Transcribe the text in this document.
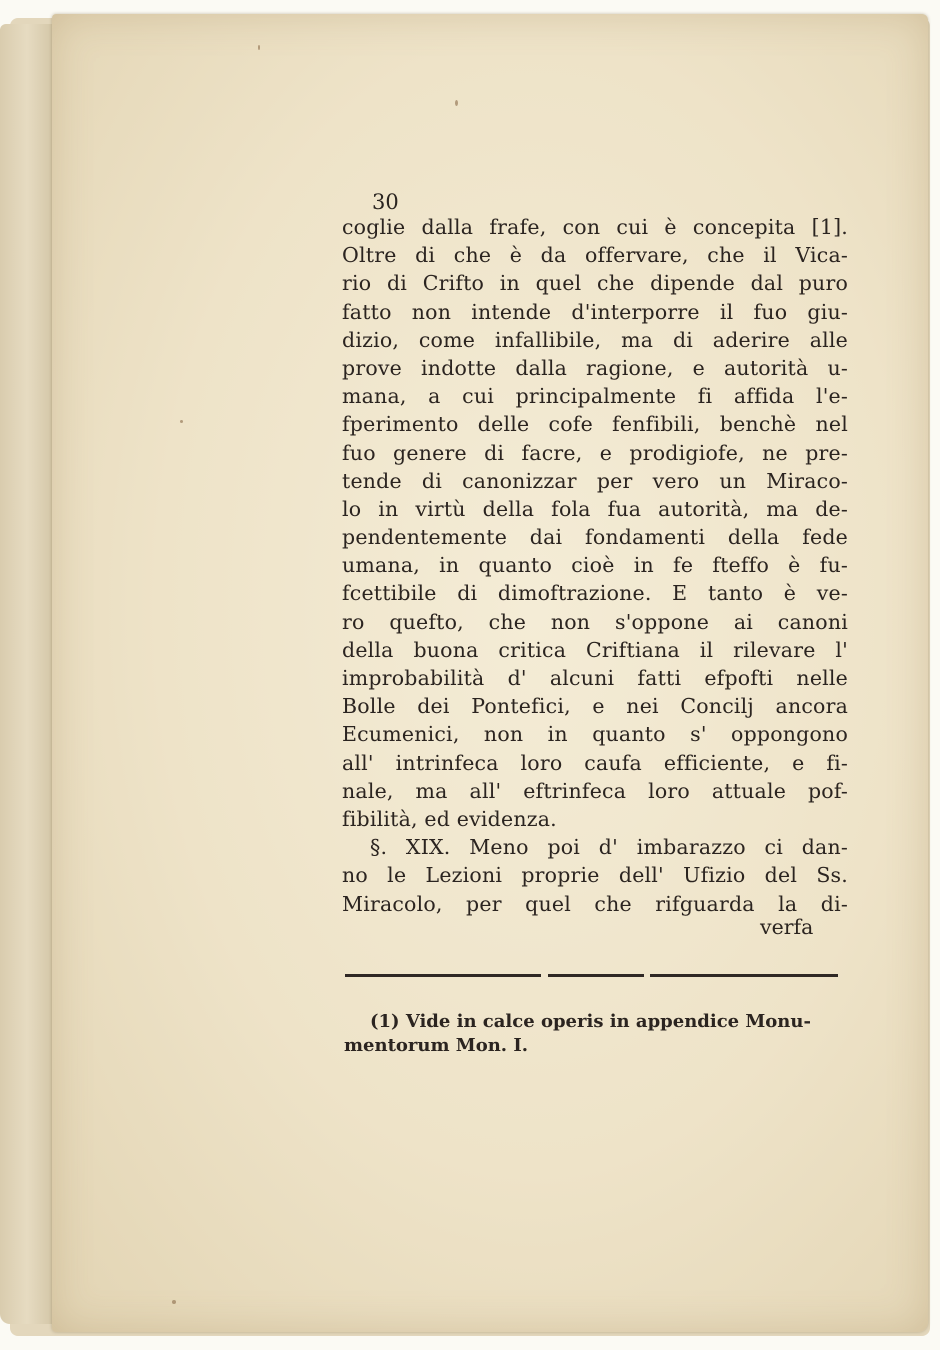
30
coglie dalla frafe, con cui è concepita [1].
Oltre di che è da offervare, che il Vica-
rio di Crifto in quel che dipende dal puro
fatto non intende d'interporre il fuo giu-
dizio, come infallibile, ma di aderire alle
prove indotte dalla ragione, e autorità u-
mana, a cui principalmente fi affida l'e-
fperimento delle cofe fenfibili, benchè nel
fuo genere di facre, e prodigiofe, ne pre-
tende di canonizzar per vero un Miraco-
lo in virtù della fola fua autorità, ma de-
pendentemente dai fondamenti della fede
umana, in quanto cioè in fe fteffo è fu-
fcettibile di dimoftrazione. E tanto è ve-
ro quefto, che non s'oppone ai canoni
della buona critica Criftiana il rilevare l'
improbabilità d' alcuni fatti efpofti nelle
Bolle dei Pontefici, e nei Concilj ancora
Ecumenici, non in quanto s' oppongono
all' intrinfeca loro caufa efficiente, e fi-
nale, ma all' eftrinfeca loro attuale pof-
fibilità, ed evidenza.
§. XIX. Meno poi d' imbarazzo ci dan-
no le Lezioni proprie dell' Ufizio del Ss.
Miracolo, per quel che rifguarda la di-
verfa
(1) Vide in calce operis in appendice Monu-
mentorum Mon. I.
